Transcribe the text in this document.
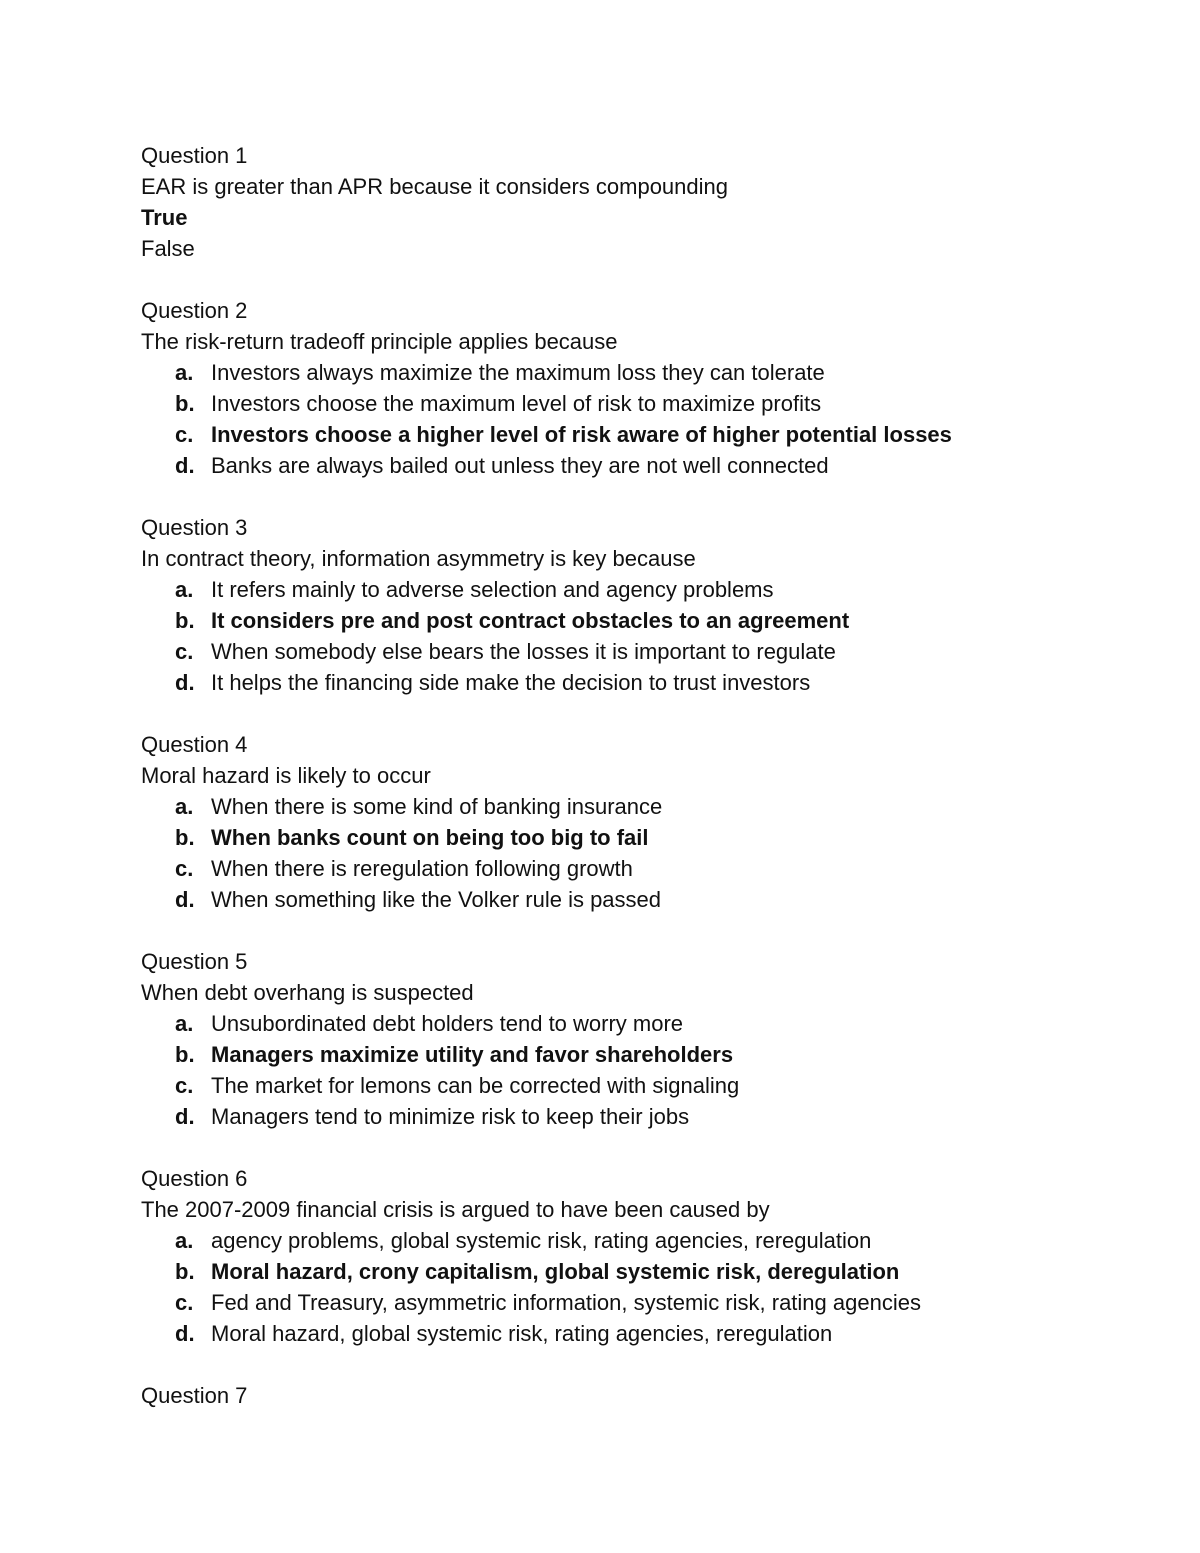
Question 1
EAR is greater than APR because it considers compounding
True
False
Question 2
The risk-return tradeoff principle applies because
a. Investors always maximize the maximum loss they can tolerate
b. Investors choose the maximum level of risk to maximize profits
c. Investors choose a higher level of risk aware of higher potential losses
d. Banks are always bailed out unless they are not well connected
Question 3
In contract theory, information asymmetry is key because
a. It refers mainly to adverse selection and agency problems
b. It considers pre and post contract obstacles to an agreement
c. When somebody else bears the losses it is important to regulate
d. It helps the financing side make the decision to trust investors
Question 4
Moral hazard is likely to occur
a. When there is some kind of banking insurance
b. When banks count on being too big to fail
c. When there is reregulation following growth
d. When something like the Volker rule is passed
Question 5
When debt overhang is suspected
a. Unsubordinated debt holders tend to worry more
b. Managers maximize utility and favor shareholders
c. The market for lemons can be corrected with signaling
d. Managers tend to minimize risk to keep their jobs
Question 6
The 2007-2009 financial crisis is argued to have been caused by
a. agency problems, global systemic risk, rating agencies, reregulation
b. Moral hazard, crony capitalism, global systemic risk, deregulation
c. Fed and Treasury, asymmetric information, systemic risk, rating agencies
d. Moral hazard, global systemic risk, rating agencies, reregulation
Question 7
